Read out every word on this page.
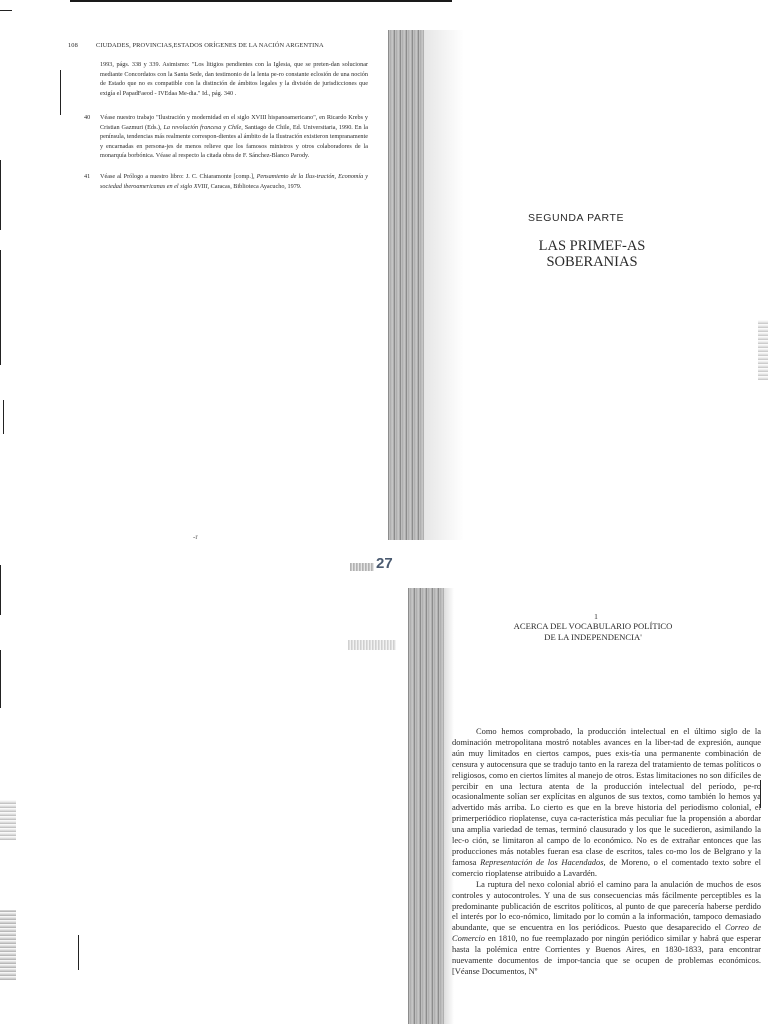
108	CIUDADES, PROVINCIAS,ESTADOS ORÍGENES DE LA NACIÓN ARGENTINA

1993, págs. 338 y 339. Asimismo: "Los litigios pendientes con la Iglesia, que se preten-dan solucionar mediante Concordatos con la Santa Sede, dan testimonio de la lenta pe-ro constante eclosión de una noción de Estado que no es compatible con la distinción de ámbitos legales y la división de jurisdicciones que exigía el PapadFaeod - IVEdaa Me-dia." Id., pág. 340 .

40 Véase nuestro trabajo "Ilustración y modernidad en el siglo XVIII hispanoamericano", en Ricardo Krebs y Cristian Gazmuri (Eds.), La revolución francesa y Chile, Santiago de Chile, Ed. Universitaria, 1990. En la península, tendencias más realmente correspon-dientes al ámbito de la Ilustración existieron tempranamente y encarnadas en persona-jes de menos relieve que los famosos ministros y otros colaboradores de la monarquía borbónica. Véase al respecto la citada obra de F. Sánchez-Blanco Parody.

41 Véase al Prólogo a nuestro libro: J. C. Chiaramonte [comp.], Pensamiento de la Ilus-tración, Economía y sociedad iberoamericanas en el siglo XVIII, Caracas, Biblioteca Ayacucho, 1979.

-r
27
SEGUNDA PARTE
LAS PRIMEF-AS
SOBERANIAS
1
ACERCA DEL VOCABULARIO POLÍTICO
DE LA INDEPENDENCIA'

Como hemos comprobado, la producción intelectual en el último siglo de la dominación metropolitana mostró notables avances en la liber-tad de expresión, aunque aún muy limitados en ciertos campos, pues exis-tía una permanente combinación de censura y autocensura que se tradujo tanto en la rareza del tratamiento de temas políticos o religiosos, como en ciertos límites al manejo de otros. Estas limitaciones no son difíciles de percibir en una lectura atenta de la producción intelectual del período, pe-ro ocasionalmente solían ser explícitas en algunos de sus textos, como también lo hemos ya advertido más arriba. Lo cierto es que en la breve historia del periodismo colonial, el primerperiódico rioplatense, cuya ca-racterística más peculiar fue la propensión a abordar una amplia variedad de temas, terminó clausurado y los que le sucedieron, asimilando la lec-o ción, se limitaron al campo de lo económico. No es de extrañar entonces que las producciones más notables fueran esa clase de escritos, tales co-mo los de Belgrano y la famosa Representación de los Hacendados, de Moreno, o el comentado texto sobre el comercio rioplatense atribuido a Lavardén.

La ruptura del nexo colonial abrió el camino para la anulación de muchos de esos controles y autocontroles. Y una de sus consecuencias más fácilmente perceptibles es la predominante publicación de escritos políticos, al punto de que parecería haberse perdido el interés por lo eco-nómico, limitado por lo común a la información, tampoco demasiado abundante, que se encuentra en los periódicos. Puesto que desaparecido el Correo de Comercio en 1810, no fue reemplazado por ningún periódico similar y habrá que esperar hasta la polémica entre Corrientes y Buenos Aires, en 1830-1833, para encontrar nuevamente documentos de impor-tancia que se ocupen de problemas económicos. [Véanse Documentos, Nº
